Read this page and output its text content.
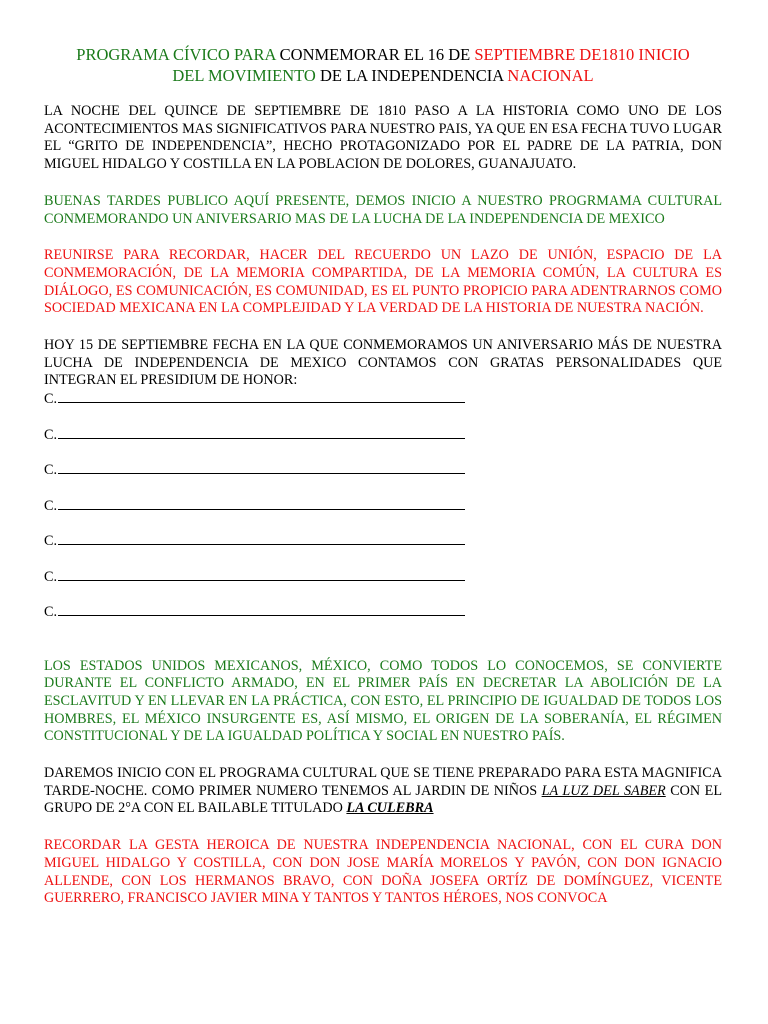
PROGRAMA CÍVICO PARA CONMEMORAR EL 16 DE SEPTIEMBRE DE1810 INICIO
DEL MOVIMIENTO DE LA INDEPENDENCIA NACIONAL

LA NOCHE DEL QUINCE DE SEPTIEMBRE DE 1810 PASO A LA HISTORIA COMO UNO DE LOS ACONTECIMIENTOS MAS SIGNIFICATIVOS PARA NUESTRO PAIS, YA QUE EN ESA FECHA TUVO LUGAR EL “GRITO DE INDEPENDENCIA”, HECHO PROTAGONIZADO POR EL PADRE DE LA PATRIA, DON MIGUEL HIDALGO Y COSTILLA EN LA POBLACION DE DOLORES, GUANAJUATO.

BUENAS TARDES PUBLICO AQUÍ PRESENTE, DEMOS INICIO A NUESTRO PROGRMAMA CULTURAL CONMEMORANDO UN ANIVERSARIO MAS DE LA LUCHA DE LA INDEPENDENCIA DE MEXICO

REUNIRSE PARA RECORDAR, HACER DEL RECUERDO UN LAZO DE UNIÓN, ESPACIO DE LA CONMEMORACIÓN, DE LA MEMORIA COMPARTIDA, DE LA MEMORIA COMÚN, LA CULTURA ES DIÁLOGO, ES COMUNICACIÓN, ES COMUNIDAD, ES EL PUNTO PROPICIO PARA ADENTRARNOS COMO SOCIEDAD MEXICANA EN LA COMPLEJIDAD Y LA VERDAD DE LA HISTORIA DE NUESTRA NACIÓN.

HOY 15 DE SEPTIEMBRE FECHA EN LA QUE CONMEMORAMOS UN ANIVERSARIO MÁS DE NUESTRA LUCHA DE INDEPENDENCIA DE MEXICO CONTAMOS CON GRATAS PERSONALIDADES QUE INTEGRAN EL PRESIDIUM DE HONOR:

C.
C.
C.
C.
C.
C.
C.

LOS ESTADOS UNIDOS MEXICANOS, MÉXICO, COMO TODOS LO CONOCEMOS, SE CONVIERTE DURANTE EL CONFLICTO ARMADO, EN EL PRIMER PAÍS EN DECRETAR LA ABOLICIÓN DE LA ESCLAVITUD Y EN LLEVAR EN LA PRÁCTICA, CON ESTO, EL PRINCIPIO DE IGUALDAD DE TODOS LOS HOMBRES, EL MÉXICO INSURGENTE ES, ASÍ MISMO, EL ORIGEN DE LA SOBERANÍA, EL RÉGIMEN CONSTITUCIONAL Y DE LA IGUALDAD POLÍTICA Y SOCIAL EN NUESTRO PAÍS.

DAREMOS INICIO CON EL PROGRAMA CULTURAL QUE SE TIENE PREPARADO PARA ESTA MAGNIFICA TARDE-NOCHE. COMO PRIMER NUMERO TENEMOS AL JARDIN DE NIÑOS LA LUZ DEL SABER CON EL GRUPO DE 2°A CON EL BAILABLE TITULADO LA CULEBRA

RECORDAR LA GESTA HEROICA DE NUESTRA INDEPENDENCIA NACIONAL, CON EL CURA DON MIGUEL HIDALGO Y COSTILLA, CON DON JOSE MARÍA MORELOS Y PAVÓN, CON DON IGNACIO ALLENDE, CON LOS HERMANOS BRAVO, CON DOÑA JOSEFA ORTÍZ DE DOMÍNGUEZ, VICENTE GUERRERO, FRANCISCO JAVIER MINA Y TANTOS Y TANTOS HÉROES, NOS CONVOCA
